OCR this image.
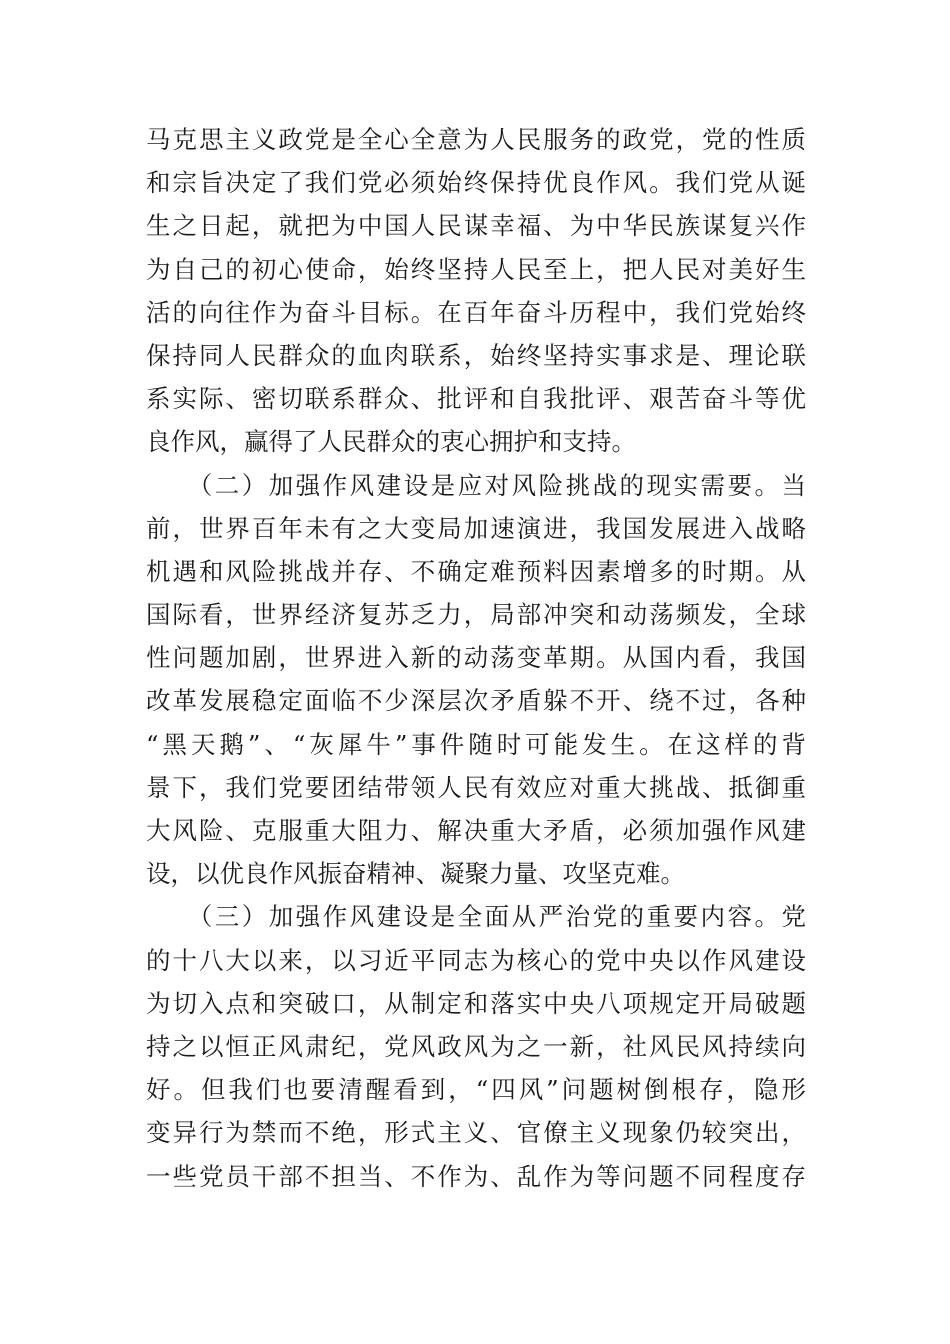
马克思主义政党是全心全意为人民服务的政党，党的性质
和宗旨决定了我们党必须始终保持优良作风。我们党从诞
生之日起，就把为中国人民谋幸福、为中华民族谋复兴作
为自己的初心使命，始终坚持人民至上，把人民对美好生
活的向往作为奋斗目标。在百年奋斗历程中，我们党始终
保持同人民群众的血肉联系，始终坚持实事求是、理论联
系实际、密切联系群众、批评和自我批评、艰苦奋斗等优
良作风，赢得了人民群众的衷心拥护和支持。
　　（二）加强作风建设是应对风险挑战的现实需要。当
前，世界百年未有之大变局加速演进，我国发展进入战略
机遇和风险挑战并存、不确定难预料因素增多的时期。从
国际看，世界经济复苏乏力，局部冲突和动荡频发，全球
性问题加剧，世界进入新的动荡变革期。从国内看，我国
改革发展稳定面临不少深层次矛盾躲不开、绕不过，各种
“黑天鹅”、“灰犀牛”事件随时可能发生。在这样的背
景下，我们党要团结带领人民有效应对重大挑战、抵御重
大风险、克服重大阻力、解决重大矛盾，必须加强作风建
设，以优良作风振奋精神、凝聚力量、攻坚克难。
　　（三）加强作风建设是全面从严治党的重要内容。党
的十八大以来，以习近平同志为核心的党中央以作风建设
为切入点和突破口，从制定和落实中央八项规定开局破题
持之以恒正风肃纪，党风政风为之一新，社风民风持续向
好。但我们也要清醒看到，“四风”问题树倒根存，隐形
变异行为禁而不绝，形式主义、官僚主义现象仍较突出，
一些党员干部不担当、不作为、乱作为等问题不同程度存
